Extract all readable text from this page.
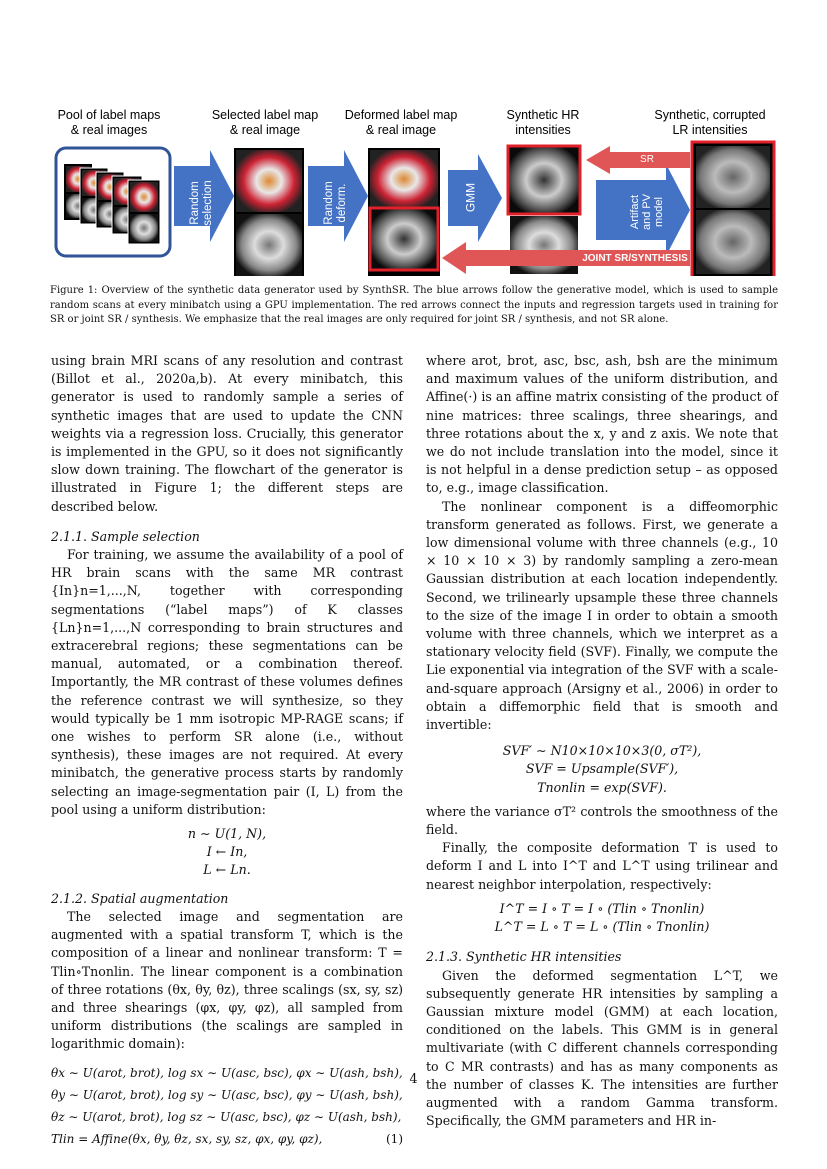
Pool of label maps
& real images
Selected label map
& real image
Deformed label map
& real image
Synthetic HR
intensities
Synthetic, corrupted
LR intensities
Random selection	Random deform.	GMM	Artifact and PV model
SR
JOINT SR/SYNTHESIS
Figure 1: Overview of the synthetic data generator used by SynthSR. The blue arrows follow the generative model, which is used to sample random scans at every minibatch using a GPU implementation. The red arrows connect the inputs and regression targets used in training for SR or joint SR / synthesis. We emphasize that the real images are only required for joint SR / synthesis, and not SR alone.

using brain MRI scans of any resolution and contrast (Billot et al., 2020a,b). At every minibatch, this generator is used to randomly sample a series of synthetic images that are used to update the CNN weights via a regression loss. Crucially, this generator is implemented in the GPU, so it does not significantly slow down training. The flowchart of the generator is illustrated in Figure 1; the different steps are described below.

2.1.1. Sample selection

For training, we assume the availability of a pool of HR brain scans with the same MR contrast {In}n=1,...,N, together with corresponding segmentations (“label maps”) of K classes {Ln}n=1,...,N corresponding to brain structures and extracerebral regions; these segmentations can be manual, automated, or a combination thereof. Importantly, the MR contrast of these volumes defines the reference contrast we will synthesize, so they would typically be 1 mm isotropic MP-RAGE scans; if one wishes to perform SR alone (i.e., without synthesis), these images are not required. At every minibatch, the generative process starts by randomly selecting an image-segmentation pair (I, L) from the pool using a uniform distribution:

n ∼ U(1, N),

I ← In,

L ← Ln.

2.1.2. Spatial augmentation

The selected image and segmentation are augmented with a spatial transform T, which is the composition of a linear and nonlinear transform: T = Tlin∘Tnonlin. The linear component is a combination of three rotations (θx, θy, θz), three scalings (sx, sy, sz) and three shearings (φx, φy, φz), all sampled from uniform distributions (the scalings are sampled in logarithmic domain):

θx ∼ U(arot, brot), log sx ∼ U(asc, bsc), φx ∼ U(ash, bsh),

θy ∼ U(arot, brot), log sy ∼ U(asc, bsc), φy ∼ U(ash, bsh),

θz ∼ U(arot, brot), log sz ∼ U(asc, bsc), φz ∼ U(ash, bsh),

Tlin = Affine(θx, θy, θz, sx, sy, sz, φx, φy, φz),	(1)

where arot, brot, asc, bsc, ash, bsh are the minimum and maximum values of the uniform distribution, and Affine(·) is an affine matrix consisting of the product of nine matrices: three scalings, three shearings, and three rotations about the x, y and z axis. We note that we do not include translation into the model, since it is not helpful in a dense prediction setup – as opposed to, e.g., image classification.

The nonlinear component is a diffeomorphic transform generated as follows. First, we generate a low dimensional volume with three channels (e.g., 10 × 10 × 10 × 3) by randomly sampling a zero-mean Gaussian distribution at each location independently. Second, we trilinearly upsample these three channels to the size of the image I in order to obtain a smooth volume with three channels, which we interpret as a stationary velocity field (SVF). Finally, we compute the Lie exponential via integration of the SVF with a scale-and-square approach (Arsigny et al., 2006) in order to obtain a diffemorphic field that is smooth and invertible:

SVF′ ∼ N10×10×10×3(0, σT²),

SVF = Upsample(SVF′),

Tnonlin = exp(SVF).

where the variance σT² controls the smoothness of the field.

Finally, the composite deformation T is used to deform I and L into I^T and L^T using trilinear and nearest neighbor interpolation, respectively:

I^T = I ∘ T = I ∘ (Tlin ∘ Tnonlin)

L^T = L ∘ T = L ∘ (Tlin ∘ Tnonlin)

2.1.3. Synthetic HR intensities

Given the deformed segmentation L^T, we subsequently generate HR intensities by sampling a Gaussian mixture model (GMM) at each location, conditioned on the labels. This GMM is in general multivariate (with C different channels corresponding to C MR contrasts) and has as many components as the number of classes K. The intensities are further augmented with a random Gamma transform. Specifically, the GMM parameters and HR in-

4
